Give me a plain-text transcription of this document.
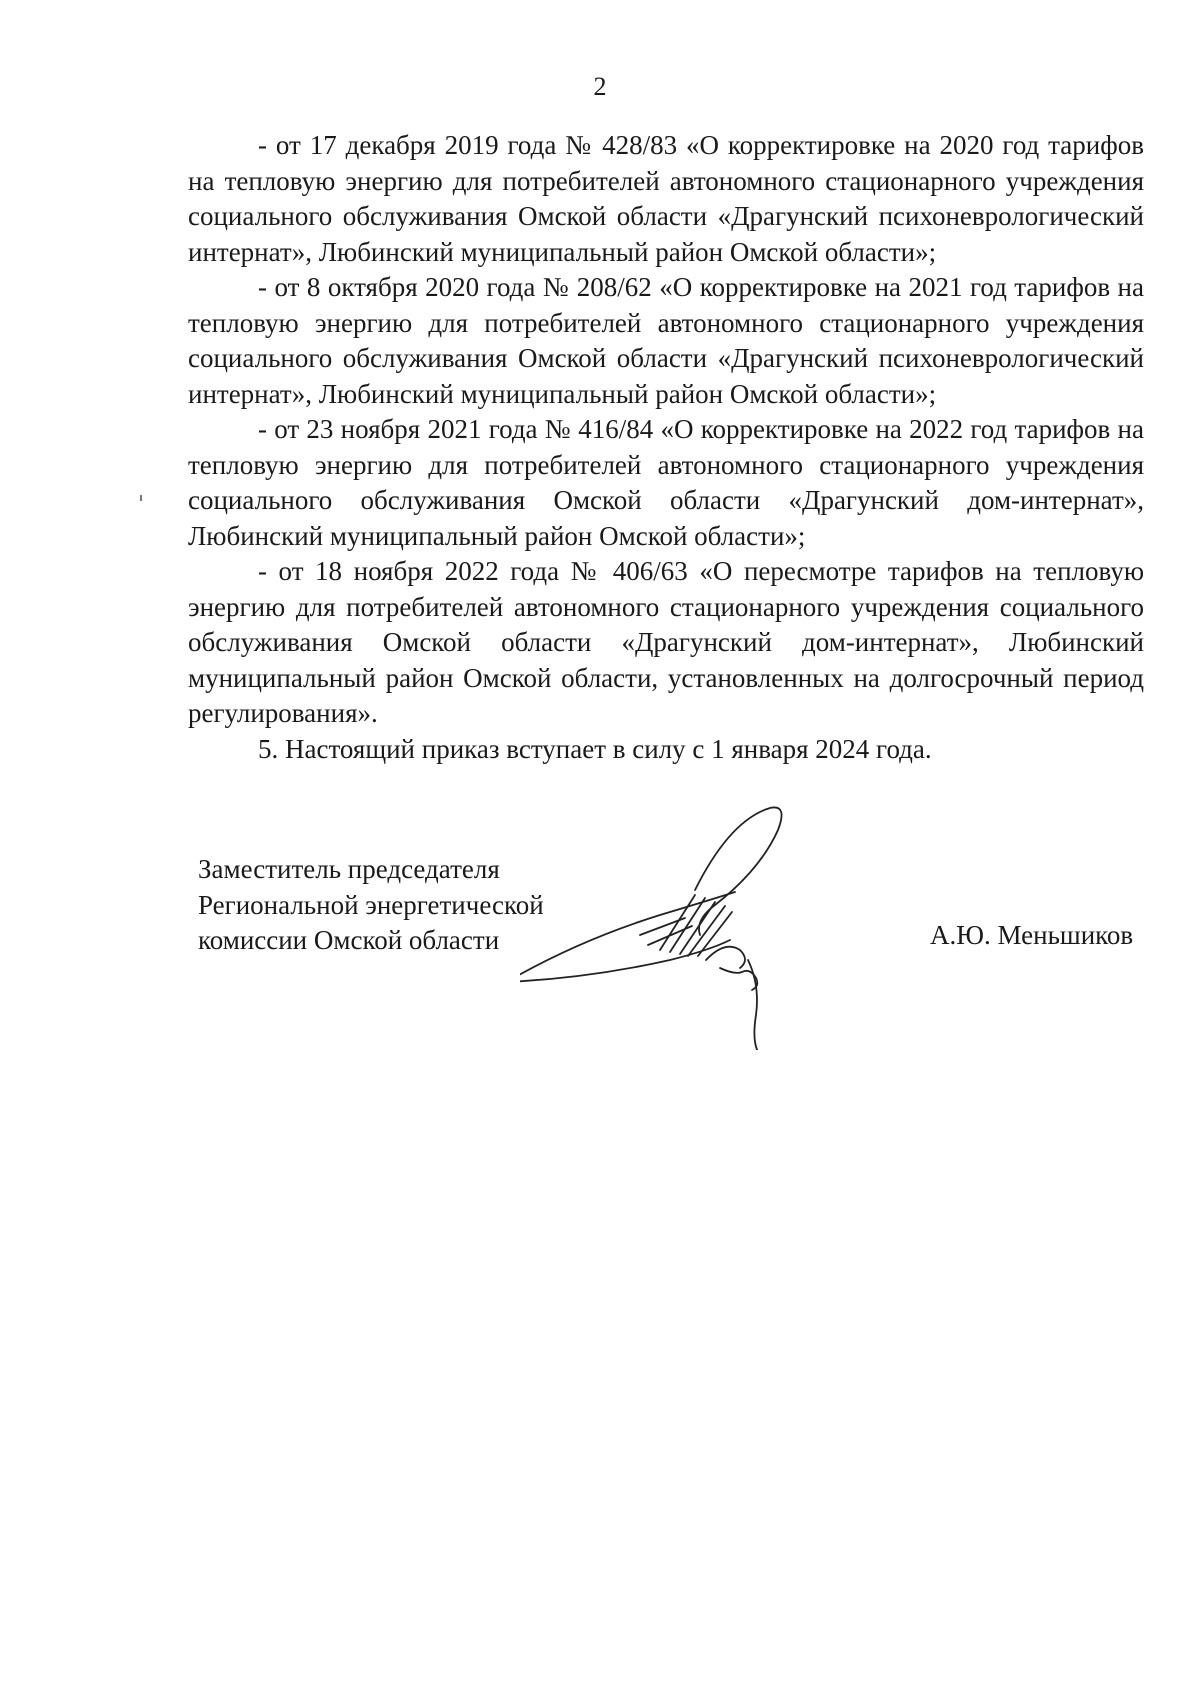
2

- от 17 декабря 2019 года № 428/83 «О корректировке на 2020 год тарифов на тепловую энергию для потребителей автономного стационарного учреждения социального обслуживания Омской области «Драгунский психоневрологический интернат», Любинский муниципальный район Омской области»;

- от 8 октября 2020 года № 208/62 «О корректировке на 2021 год тарифов на тепловую энергию для потребителей автономного стационарного учреждения социального обслуживания Омской области «Драгунский психоневрологический интернат», Любинский муниципальный район Омской области»;

- от 23 ноября 2021 года № 416/84 «О корректировке на 2022 год тарифов на тепловую энергию для потребителей автономного стационарного учреждения социального обслуживания Омской области «Драгунский дом-интернат», Любинский муниципальный район Омской области»;

- от 18 ноября 2022 года № 406/63 «О пересмотре тарифов на тепловую энергию для потребителей автономного стационарного учреждения социального обслуживания Омской области «Драгунский дом-интернат», Любинский муниципальный район Омской области, установленных на долгосрочный период регулирования».

5. Настоящий приказ вступает в силу с 1 января 2024 года.

Заместитель председателя
Региональной энергетической
комиссии Омской области	А.Ю. Меньшиков
